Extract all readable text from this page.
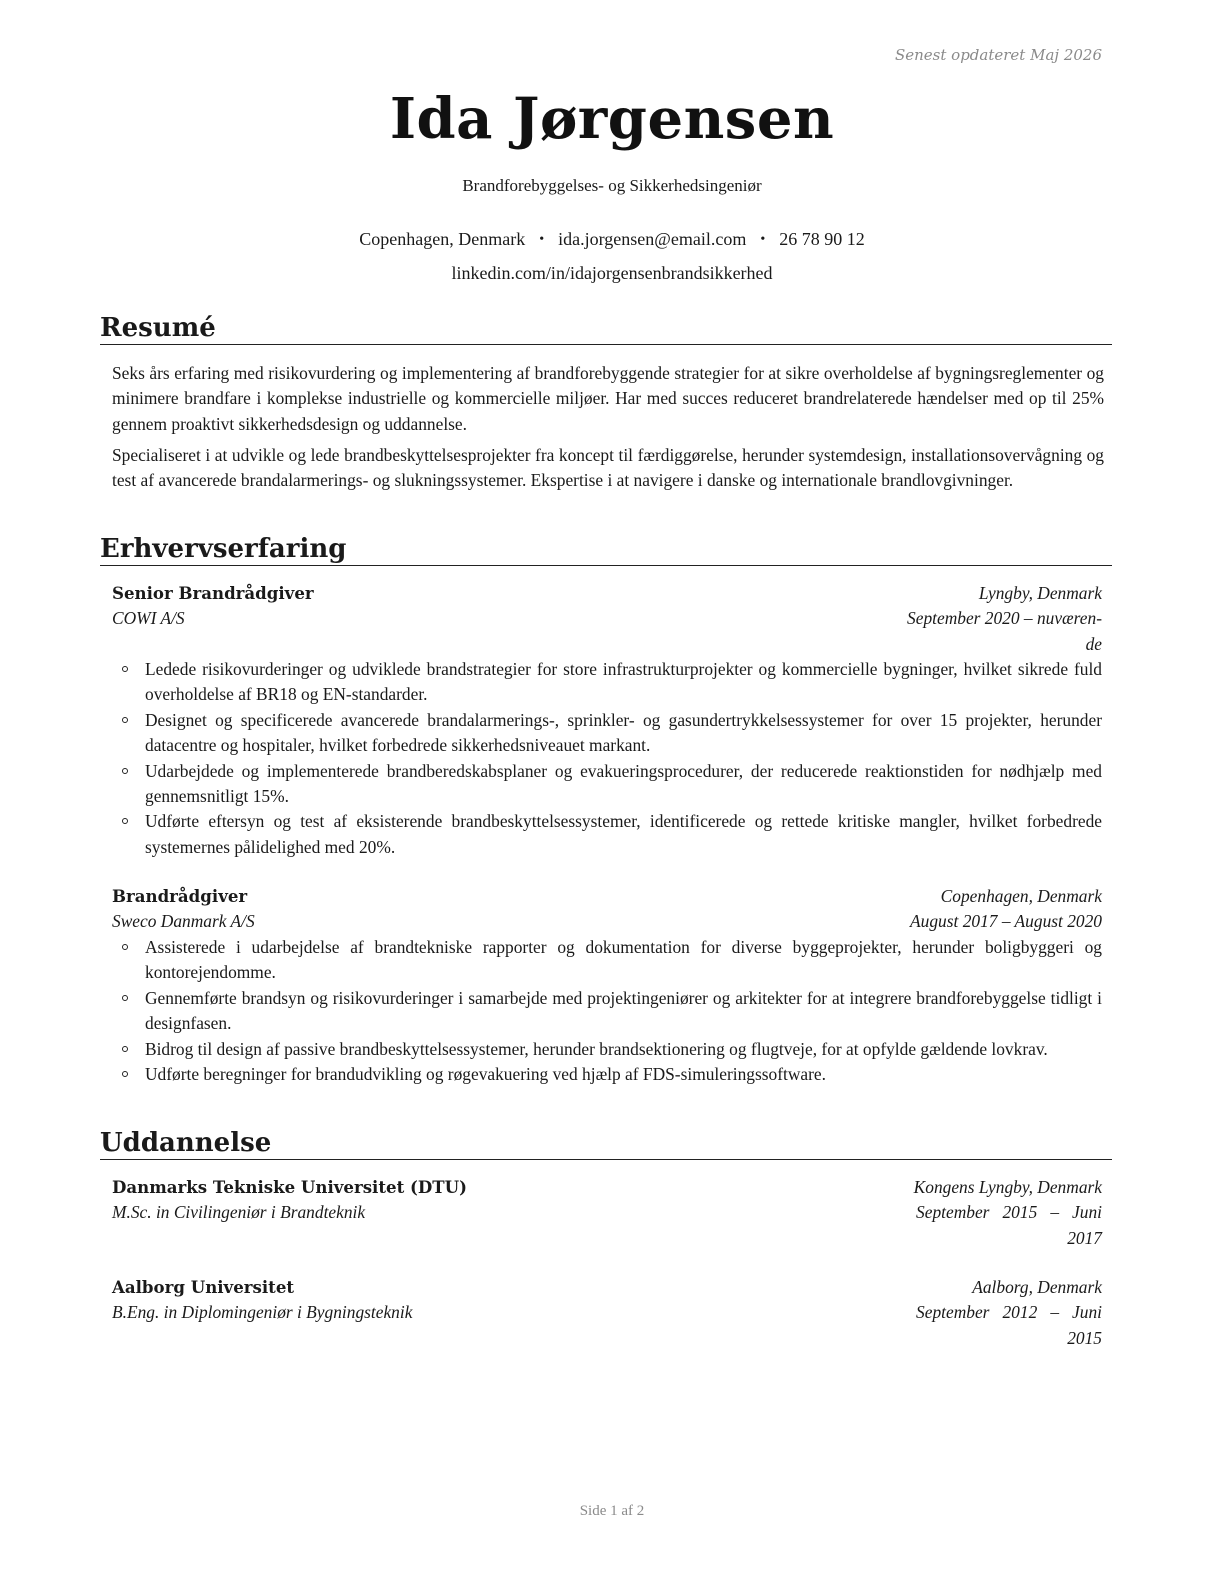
Senest opdateret Maj 2026
Ida Jørgensen
Brandforebyggelses- og Sikkerhedsingeniør
Copenhagen, Denmark • ida.jorgensen@email.com • 26 78 90 12
linkedin.com/in/idajorgensenbrandsikkerhed
Resumé
Seks års erfaring med risikovurdering og implementering af brandforebyggende strategier for at sikre overholdelse af bygningsreglementer og minimere brandfare i komplekse industrielle og kommercielle miljøer. Har med succes reduceret brandrelaterede hændelser med op til 25% gennem proaktivt sikkerhedsdesign og uddannelse.
Specialiseret i at udvikle og lede brandbeskyttelsesprojekter fra koncept til færdiggørelse, herunder systemdesign, installationsovervågning og test af avancerede brandalarmerings- og slukningssystemer. Ekspertise i at navigere i danske og internationale brandlovgivninger.
Erhvervserfaring
Senior Brandrådgiver	Lyngby, Denmark
COWI A/S	September 2020 – nuværen-
de
Ledede risikovurderinger og udviklede brandstrategier for store infrastrukturprojekter og kommercielle bygninger, hvilket sikrede fuld overholdelse af BR18 og EN-standarder.
Designet og specificerede avancerede brandalarmerings-, sprinkler- og gasundertrykkelsessystemer for over 15 projekter, herunder datacentre og hospitaler, hvilket forbedrede sikkerhedsniveauet markant.
Udarbejdede og implementerede brandberedskabsplaner og evakueringsprocedurer, der reducerede reaktionstiden for nødhjælp med gennemsnitligt 15%.
Udførte eftersyn og test af eksisterende brandbeskyttelsessystemer, identificerede og rettede kritiske mangler, hvilket forbedrede systemernes pålidelighed med 20%.
Brandrådgiver	Copenhagen, Denmark
Sweco Danmark A/S	August 2017 – August 2020
Assisterede i udarbejdelse af brandtekniske rapporter og dokumentation for diverse byggeprojekter, herunder boligbyggeri og kontorejendomme.
Gennemførte brandsyn og risikovurderinger i samarbejde med projektingeniører og arkitekter for at integrere brandforebyggelse tidligt i designfasen.
Bidrog til design af passive brandbeskyttelsessystemer, herunder brandsektionering og flugtveje, for at opfylde gældende lovkrav.
Udførte beregninger for brandudvikling og røgevakuering ved hjælp af FDS-simuleringssoftware.
Uddannelse
Danmarks Tekniske Universitet (DTU)	Kongens Lyngby, Denmark
M.Sc. in Civilingeniør i Brandteknik	September   2015   –   Juni
2017
Aalborg Universitet	Aalborg, Denmark
B.Eng. in Diplomingeniør i Bygningsteknik	September   2012   –   Juni
2015
Side 1 af 2
